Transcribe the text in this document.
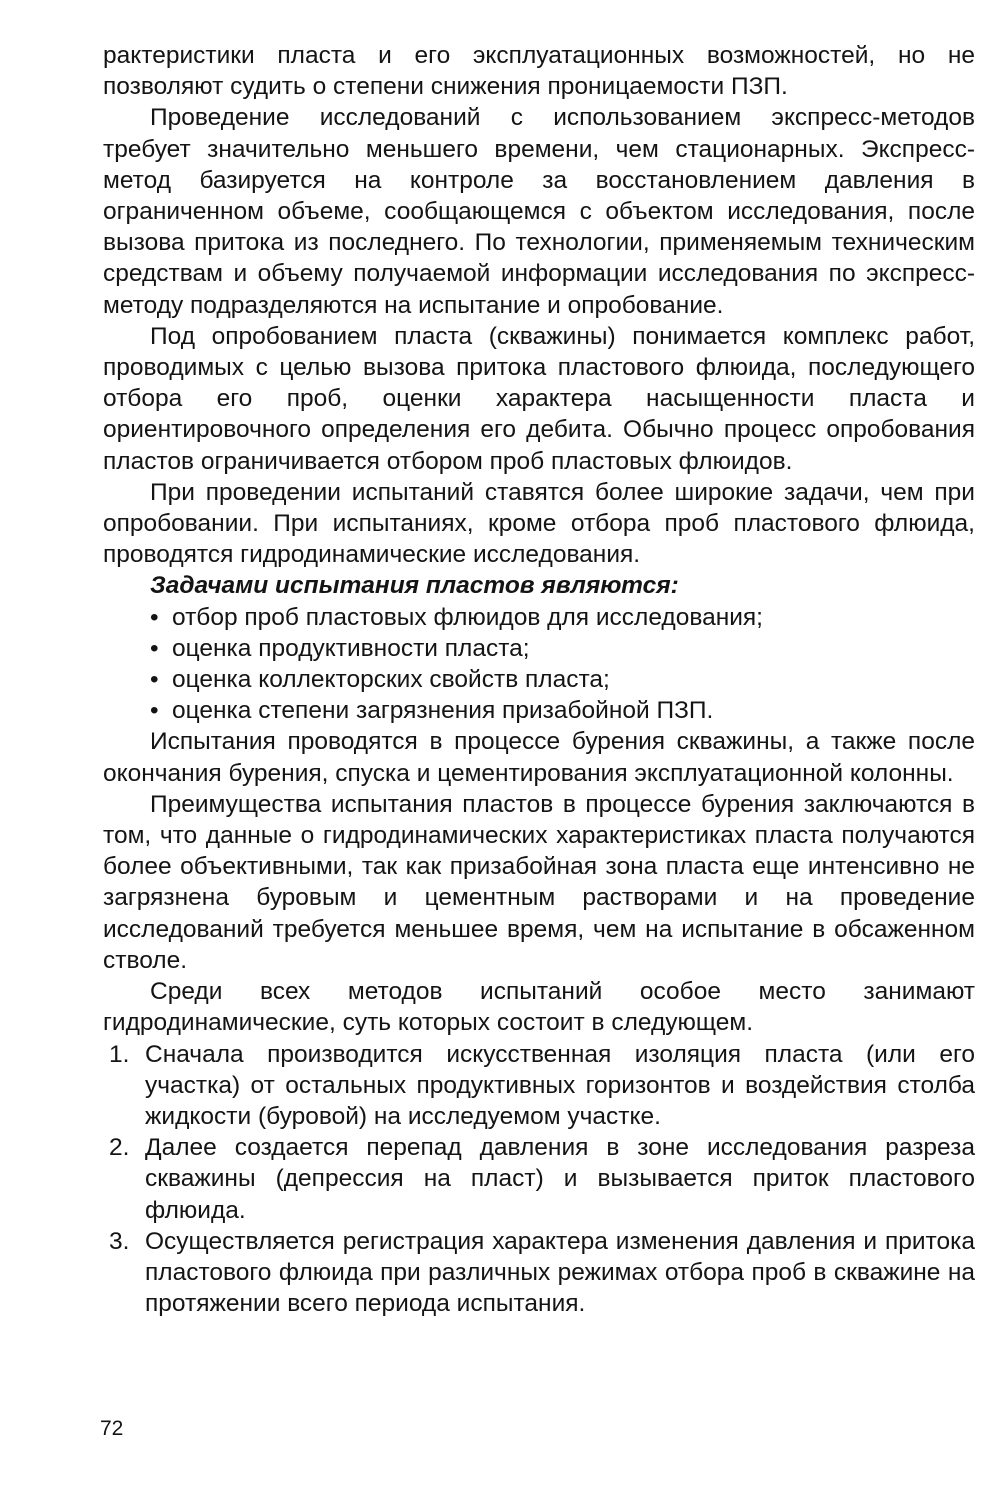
рактеристики пласта и его эксплуатационных возможностей, но не позволяют судить о степени снижения проницаемости ПЗП.

Проведение исследований с использованием экспресс-методов требует значительно меньшего времени, чем стационарных. Экспресс-метод базируется на контроле за восстановлением давления в ограниченном объеме, сообщающемся с объектом исследования, после вызова притока из последнего. По технологии, применяемым техническим средствам и объему получаемой информации исследования по экспресс-методу подразделяются на испытание и опробование.

Под опробованием пласта (скважины) понимается комплекс работ, проводимых с целью вызова притока пластового флюида, последующего отбора его проб, оценки характера насыщенности пласта и ориентировочного определения его дебита. Обычно процесс опробования пластов ограничивается отбором проб пластовых флюидов.

При проведении испытаний ставятся более широкие задачи, чем при опробовании. При испытаниях, кроме отбора проб пластового флюида, проводятся гидродинамические исследования.

Задачами испытания пластов являются:

• отбор проб пластовых флюидов для исследования;
• оценка продуктивности пласта;
• оценка коллекторских свойств пласта;
• оценка степени загрязнения призабойной ПЗП.

Испытания проводятся в процессе бурения скважины, а также после окончания бурения, спуска и цементирования эксплуатационной колонны.

Преимущества испытания пластов в процессе бурения заключаются в том, что данные о гидродинамических характеристиках пласта получаются более объективными, так как призабойная зона пласта еще интенсивно не загрязнена буровым и цементным растворами и на проведение исследований требуется меньшее время, чем на испытание в обсаженном стволе.

Среди всех методов испытаний особое место занимают гидродинамические, суть которых состоит в следующем.

1. Сначала производится искусственная изоляция пласта (или его участка) от остальных продуктивных горизонтов и воздействия столба жидкости (буровой) на исследуемом участке.
2. Далее создается перепад давления в зоне исследования разреза скважины (депрессия на пласт) и вызывается приток пластового флюида.
3. Осуществляется регистрация характера изменения давления и притока пластового флюида при различных режимах отбора проб в скважине на протяжении всего периода испытания.
72
